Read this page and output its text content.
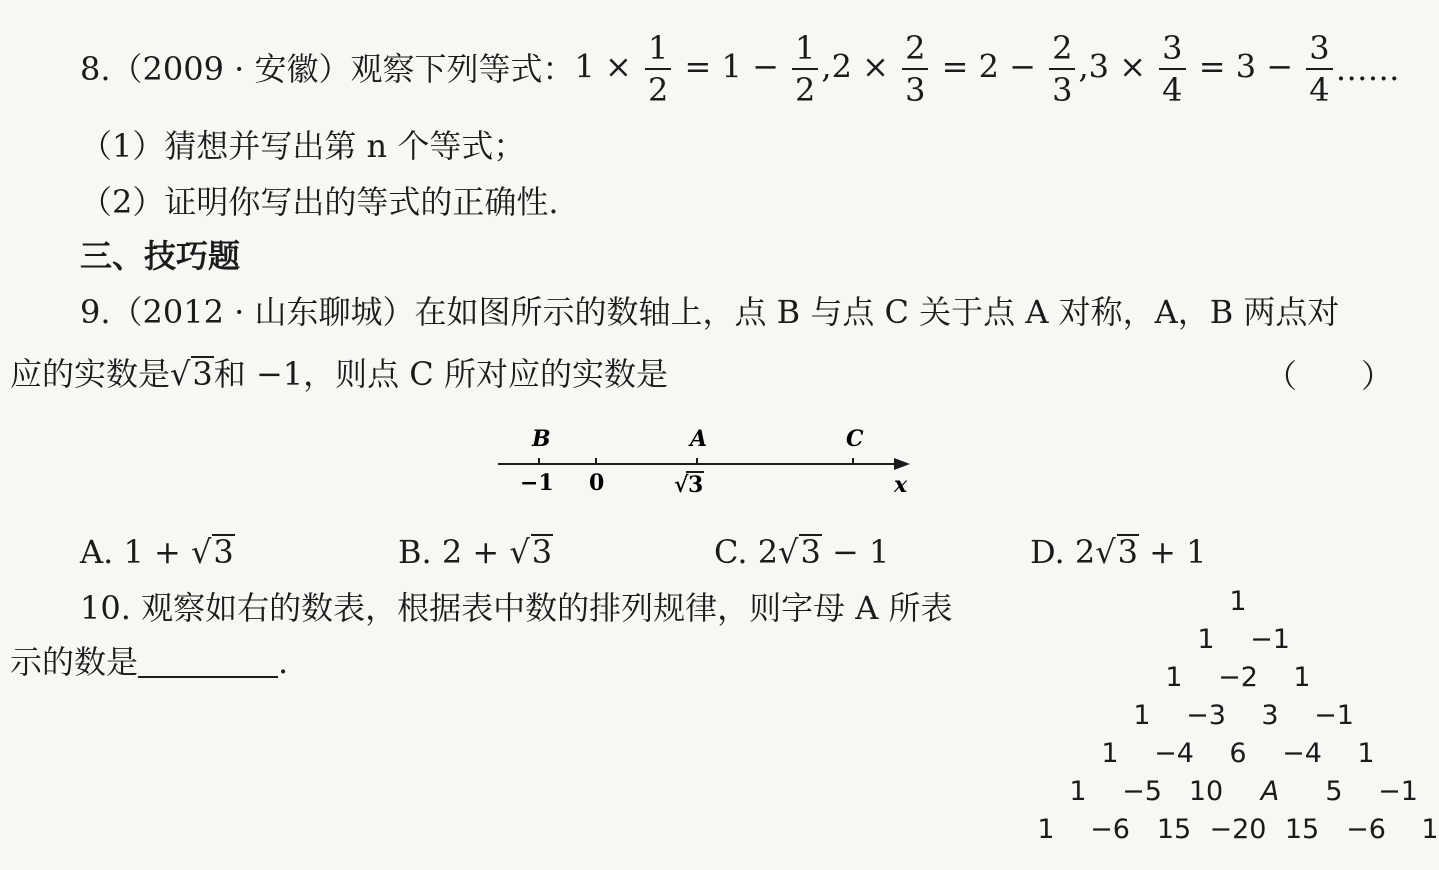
8.（2009 · 安徽）观察下列等式： $1 \times \frac{1}{2} = 1 - \frac{1}{2}$ , $2 \times \frac{2}{3} = 2 - \frac{2}{3}$ , $3 \times \frac{3}{4} = 3 - \frac{3}{4}$ ……
（1）猜想并写出第 n 个等式；
（2）证明你写出的等式的正确性.
三、技巧题
9.（2012 · 山东聊城）在如图所示的数轴上，点 B 与点 C 关于点 A 对称，A，B 两点对
应的实数是√3和 −1，则点 C 所对应的实数是	（　　）
B	A	C
−1 0	√ 3	x
A. 1 + √3	B. 2 + √3	C. 2√3 − 1	D. 2√3 + 1
10. 观察如右的数表，根据表中数的排列规律，则字母 A 所表
示的数是	.
1
1 −1
1 −2 1
1 −3 3 −1
1 −4 6 −4 1
1 −5 10 A 5 −1
1 −6 15 −20 15 −6 1
